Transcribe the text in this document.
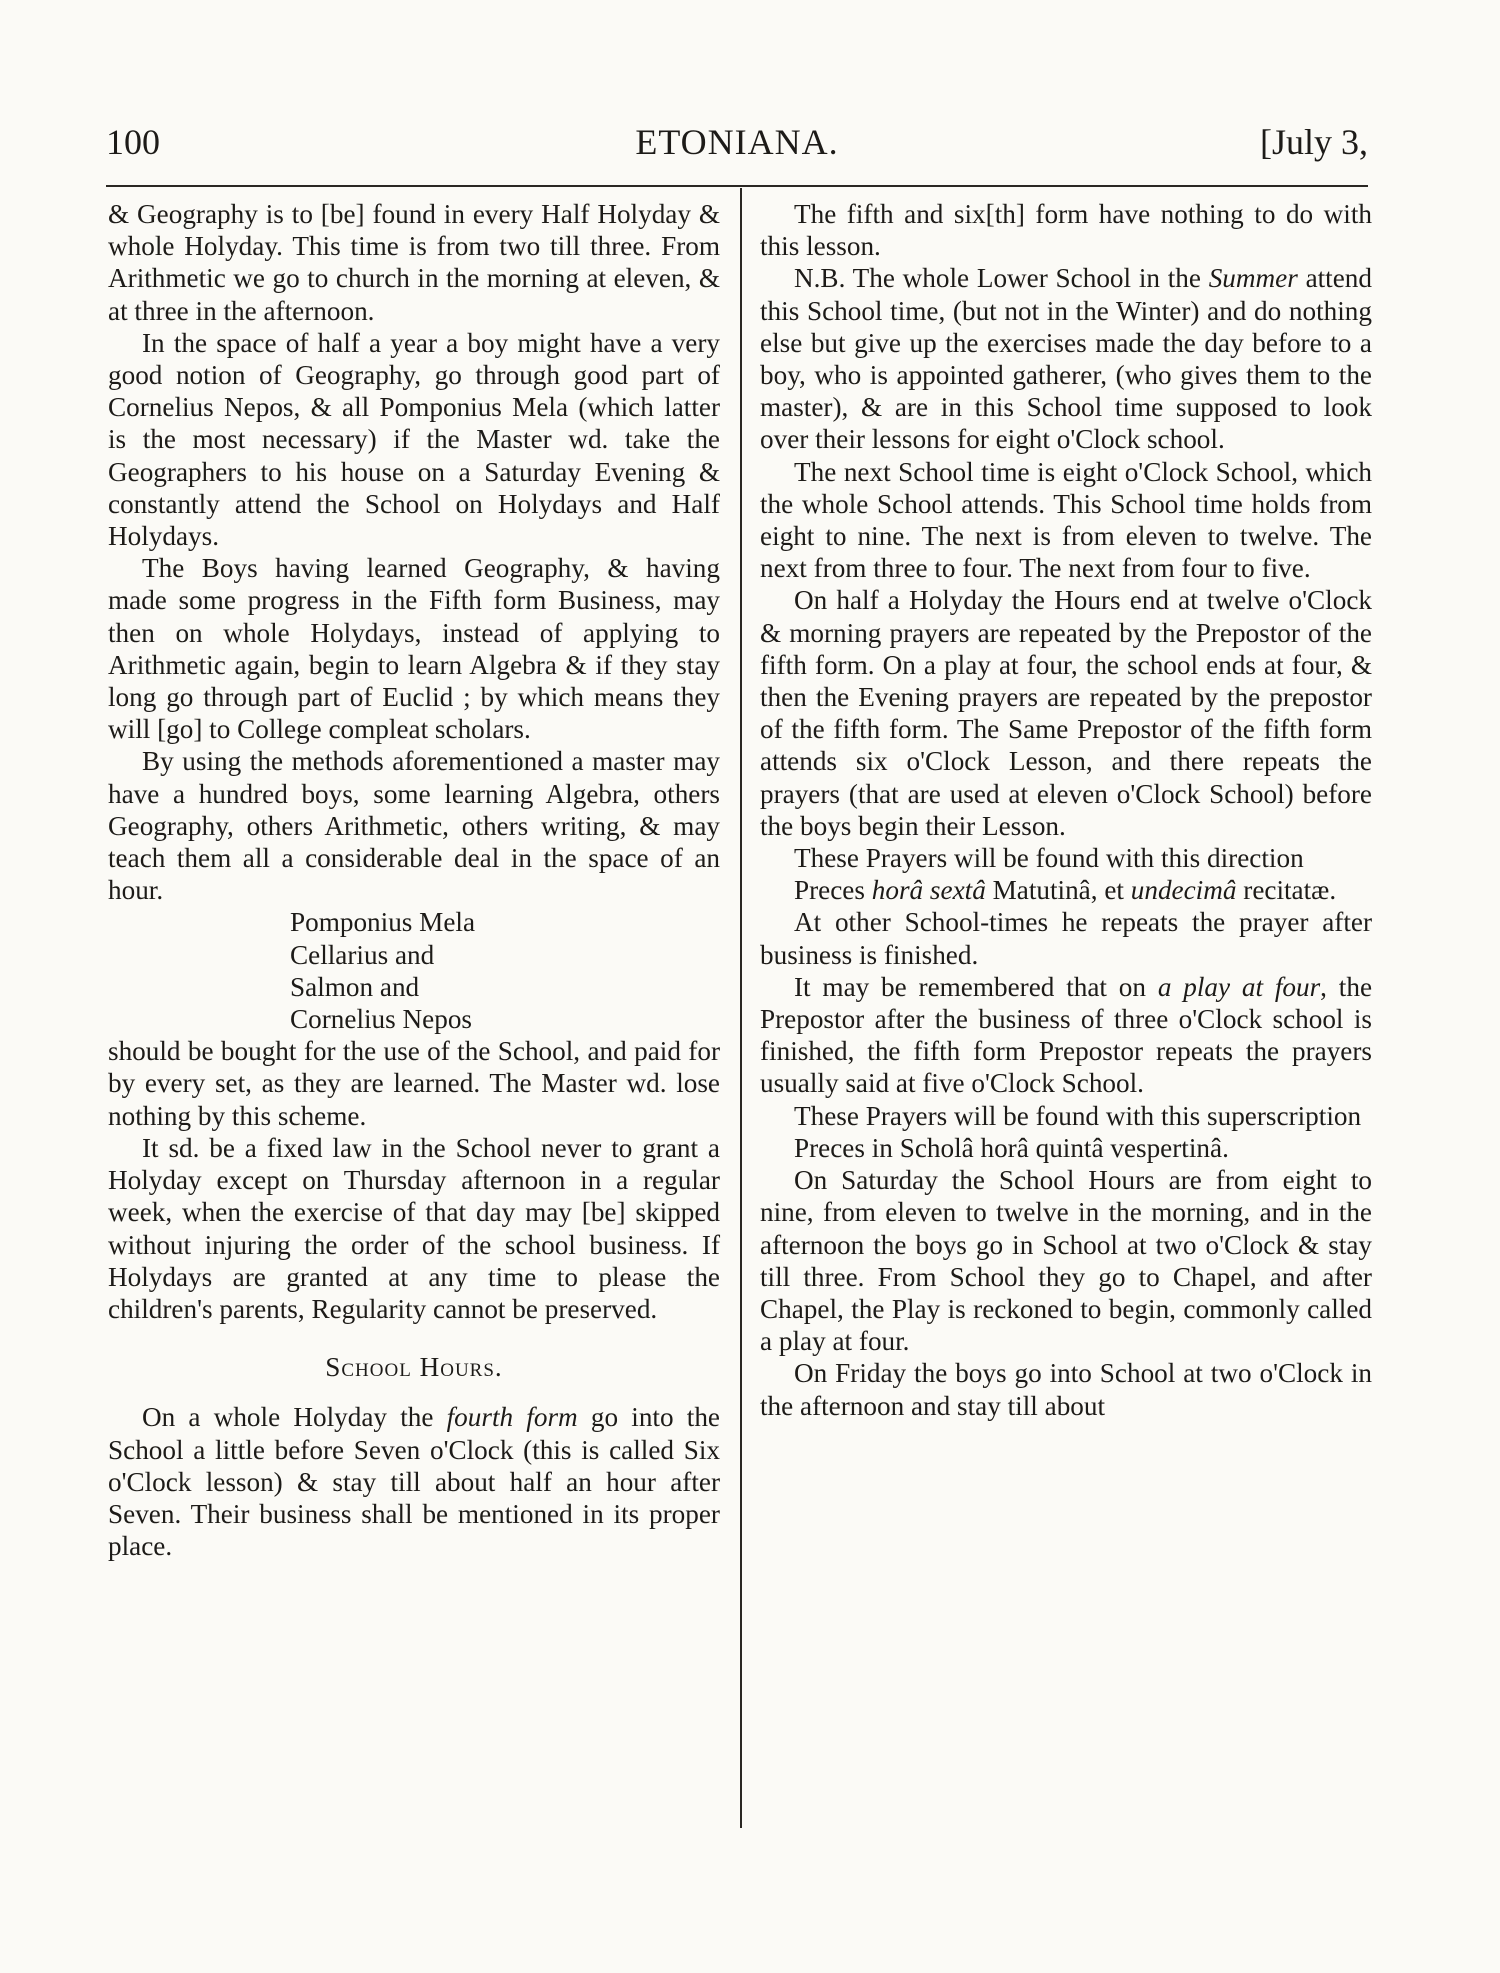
100	ETONIANA.	[July 3,

& Geography is to [be] found in every Half Holyday & whole Holyday. This time is from two till three. From Arithmetic we go to church in the morning at eleven, & at three in the afternoon.

In the space of half a year a boy might have a very good notion of Geography, go through good part of Cornelius Nepos, & all Pomponius Mela (which latter is the most necessary) if the Master wd. take the Geographers to his house on a Saturday Evening & constantly attend the School on Holydays and Half Holydays.

The Boys having learned Geography, & having made some progress in the Fifth form Business, may then on whole Holydays, instead of applying to Arithmetic again, begin to learn Algebra & if they stay long go through part of Euclid ; by which means they will [go] to College compleat scholars.

By using the methods aforementioned a master may have a hundred boys, some learning Algebra, others Geography, others Arithmetic, others writing, & may teach them all a considerable deal in the space of an hour.

Pomponius Mela
Cellarius and
Salmon and
Cornelius Nepos

should be bought for the use of the School, and paid for by every set, as they are learned. The Master wd. lose nothing by this scheme.

It sd. be a fixed law in the School never to grant a Holyday except on Thursday afternoon in a regular week, when the exercise of that day may [be] skipped without injuring the order of the school business. If Holydays are granted at any time to please the children's parents, Regularity cannot be preserved.

School Hours.

On a whole Holyday the fourth form go into the School a little before Seven o'Clock (this is called Six o'Clock lesson) & stay till about half an hour after Seven. Their business shall be mentioned in its proper place.

The fifth and six[th] form have nothing to do with this lesson.

N.B. The whole Lower School in the Summer attend this School time, (but not in the Winter) and do nothing else but give up the exercises made the day before to a boy, who is appointed gatherer, (who gives them to the master), & are in this School time supposed to look over their lessons for eight o'Clock school.

The next School time is eight o'Clock School, which the whole School attends. This School time holds from eight to nine. The next is from eleven to twelve. The next from three to four. The next from four to five.

On half a Holyday the Hours end at twelve o'Clock & morning prayers are repeated by the Prepostor of the fifth form. On a play at four, the school ends at four, & then the Evening prayers are repeated by the prepostor of the fifth form. The Same Prepostor of the fifth form attends six o'Clock Lesson, and there repeats the prayers (that are used at eleven o'Clock School) before the boys begin their Lesson.

These Prayers will be found with this direction

Preces horâ sextâ Matutinâ, et undecimâ recitatæ.

At other School-times he repeats the prayer after business is finished.

It may be remembered that on a play at four, the Prepostor after the business of three o'Clock school is finished, the fifth form Prepostor repeats the prayers usually said at five o'Clock School.

These Prayers will be found with this superscription

Preces in Scholâ horâ quintâ vespertinâ.

On Saturday the School Hours are from eight to nine, from eleven to twelve in the morning, and in the afternoon the boys go in School at two o'Clock & stay till three. From School they go to Chapel, and after Chapel, the Play is reckoned to begin, commonly called a play at four.

On Friday the boys go into School at two o'Clock in the afternoon and stay till about
